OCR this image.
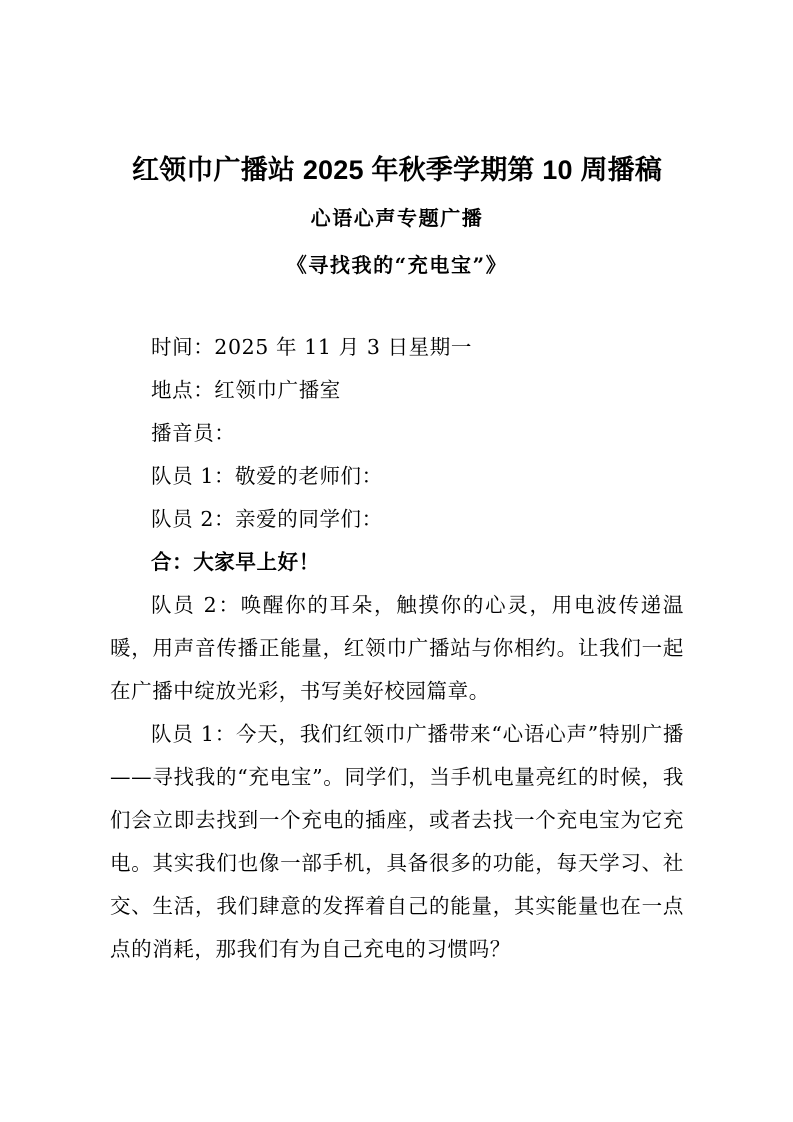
红领巾广播站 2025 年秋季学期第 10 周播稿
心语心声专题广播
《寻找我的“充电宝”》

时间：2025 年 11 月 3 日星期一

地点：红领巾广播室

播音员：

队员 1：敬爱的老师们：

队员 2：亲爱的同学们：

合：大家早上好！

队员 2：唤醒你的耳朵，触摸你的心灵，用电波传递温暖，用声音传播正能量，红领巾广播站与你相约。让我们一起在广播中绽放光彩，书写美好校园篇章。

队员 1：今天，我们红领巾广播带来“心语心声”特别广播——寻找我的“充电宝”。同学们，当手机电量亮红的时候，我们会立即去找到一个充电的插座，或者去找一个充电宝为它充电。其实我们也像一部手机，具备很多的功能，每天学习、社交、生活，我们肆意的发挥着自己的能量，其实能量也在一点点的消耗，那我们有为自己充电的习惯吗？
